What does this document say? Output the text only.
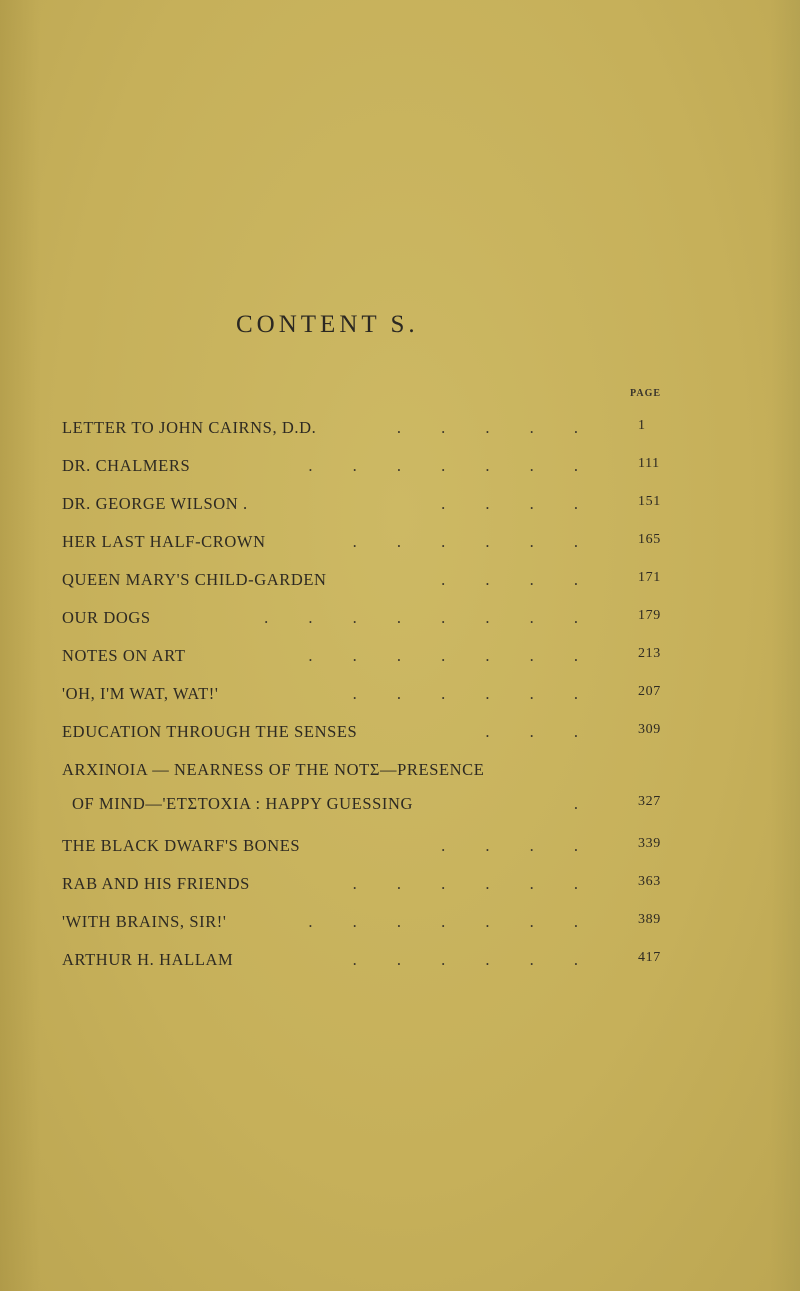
CONTENT S.
PAGE
LETTER TO JOHN CAIRNS, D.D.	. . . . .	1
DR. CHALMERS	. . . . . . .	111
DR. GEORGE WILSON .	. . . .	151
HER LAST HALF-CROWN	. . . . . .	165
QUEEN MARY'S CHILD-GARDEN	. . . .	171
OUR DOGS	. . . . . . . .	179
NOTES ON ART	. . . . . . .	213
'OH, I'M WAT, WAT!'	. . . . . .	207
EDUCATION THROUGH THE SENSES	. . .	309
ARXINOIA — NEARNESS OF THE NOTΣ—PRESENCE
OF MIND—'ETΣTOXIA : HAPPY GUESSING	.	327
THE BLACK DWARF'S BONES	. . . .	339
RAB AND HIS FRIENDS	. . . . . .	363
'WITH BRAINS, SIR!'	. . . . . . .	389
ARTHUR H. HALLAM	. . . . . .	417
